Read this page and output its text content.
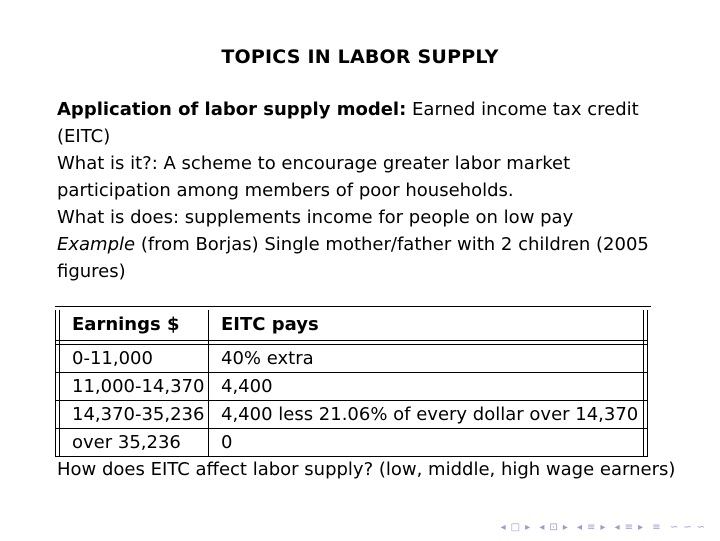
TOPICS IN LABOR SUPPLY

Application of labor supply model: Earned income tax credit (EITC)

What is it?: A scheme to encourage greater labor market participation among members of poor households.

What is does: supplements income for people on low pay

Example (from Borjas) Single mother/father with 2 children (2005 figures)

Earnings $	EITC pays

0-11,000	40% extra
11,000-14,370	4,400
14,370-35,236	4,400 less 21.06% of every dollar over 14,370
over 35,236	0

How does EITC affect labor supply? (low, middle, high wage earners)

◂ □ ▸ ◂ ⊡ ▸ ◂ ≡ ▸ ◂ ≡ ▸ ≡ ∽ ∽ ∽
